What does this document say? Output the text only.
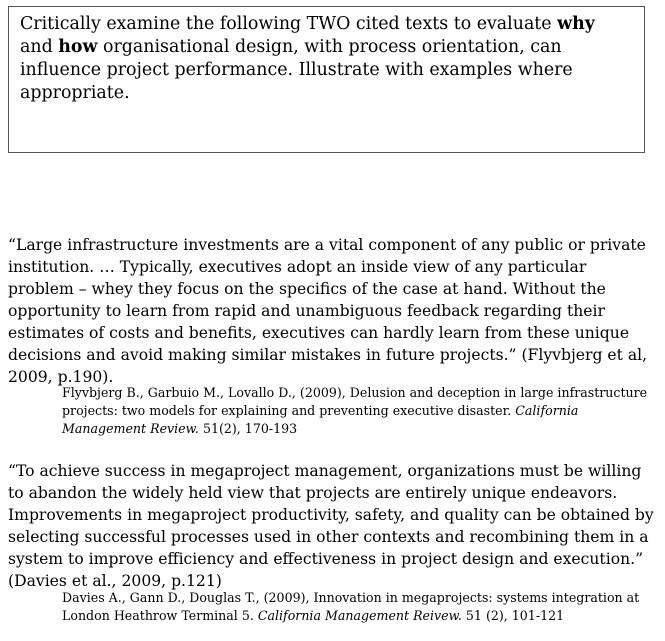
Critically examine the following TWO cited texts to evaluate why and how organisational design, with process orientation, can influence project performance. Illustrate with examples where appropriate.
“Large infrastructure investments are a vital component of any public or private institution. … Typically, executives adopt an inside view of any particular problem – whey they focus on the specifics of the case at hand. Without the opportunity to learn from rapid and unambiguous feedback regarding their estimates of costs and benefits, executives can hardly learn from these unique decisions and avoid making similar mistakes in future projects.” (Flyvbjerg et al, 2009, p.190).
Flyvbjerg B., Garbuio M., Lovallo D., (2009), Delusion and deception in large infrastructure projects: two models for explaining and preventing executive disaster. California Management Review. 51(2), 170-193
“To achieve success in megaproject management, organizations must be willing to abandon the widely held view that projects are entirely unique endeavors. Improvements in megaproject productivity, safety, and quality can be obtained by selecting successful processes used in other contexts and recombining them in a system to improve efficiency and effectiveness in project design and execution.” (Davies et al., 2009, p.121)
Davies A., Gann D., Douglas T., (2009), Innovation in megaprojects: systems integration at London Heathrow Terminal 5. California Management Reivew. 51 (2), 101-121
